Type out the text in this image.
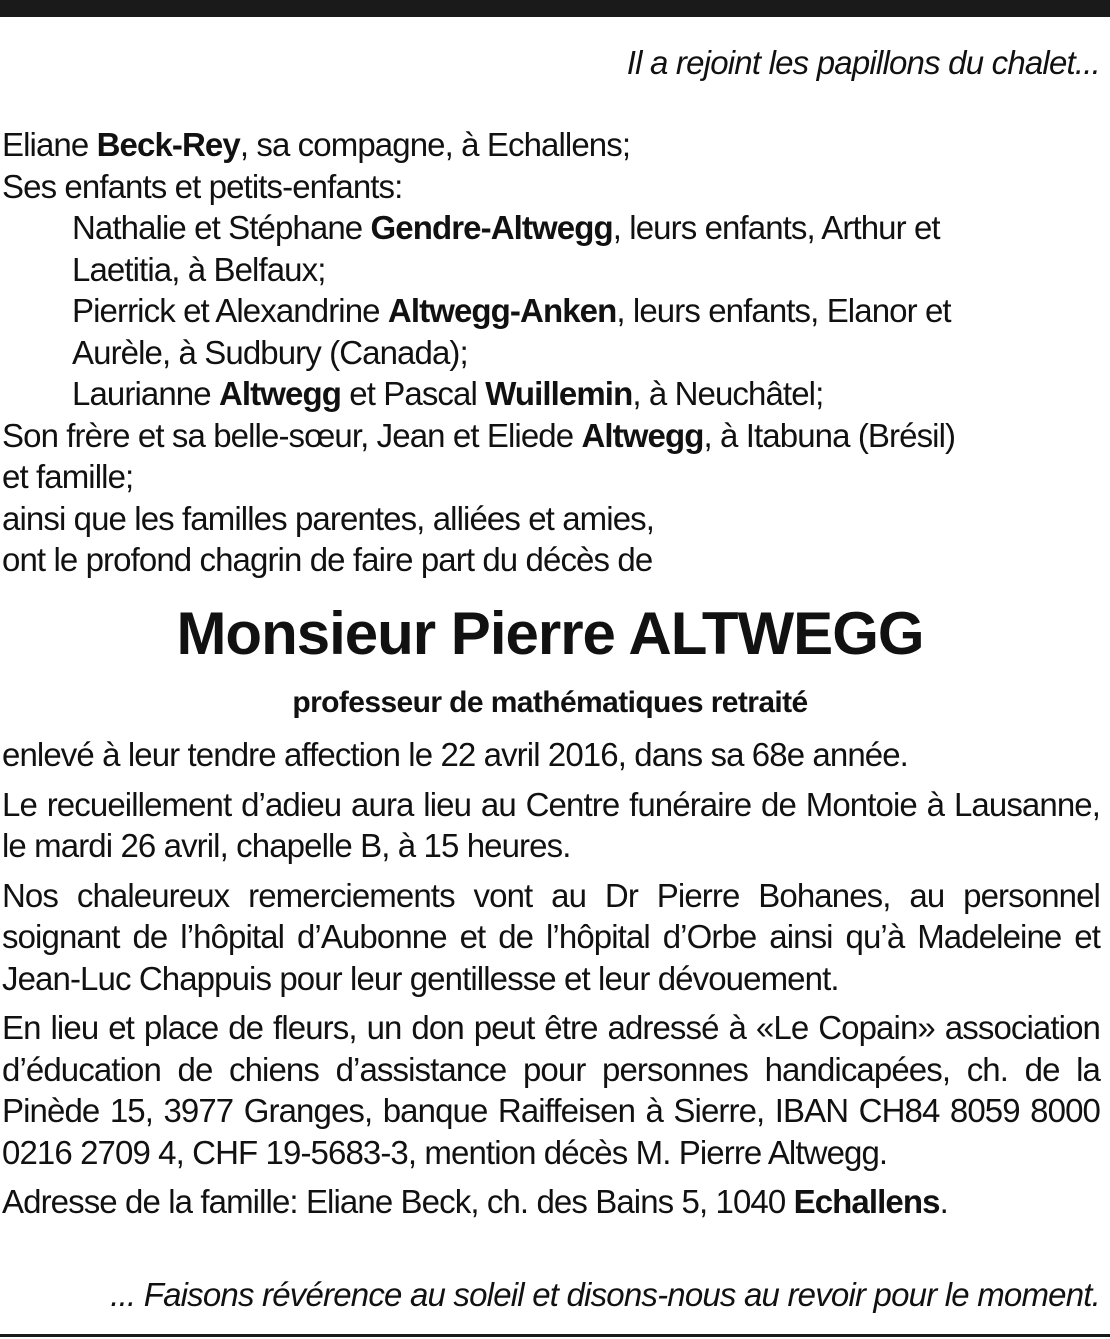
Il a rejoint les papillons du chalet...
Eliane Beck-Rey, sa compagne, à Echallens;
Ses enfants et petits-enfants:
Nathalie et Stéphane Gendre-Altwegg, leurs enfants, Arthur et
Laetitia, à Belfaux;
Pierrick et Alexandrine Altwegg-Anken, leurs enfants, Elanor et
Aurèle, à Sudbury (Canada);
Laurianne Altwegg et Pascal Wuillemin, à Neuchâtel;
Son frère et sa belle-sœur, Jean et Eliede Altwegg, à Itabuna (Brésil)
et famille;
ainsi que les familles parentes, alliées et amies,
ont le profond chagrin de faire part du décès de
Monsieur Pierre ALTWEGG
professeur de mathématiques retraité

enlevé à leur tendre affection le 22 avril 2016, dans sa 68e année.

Le recueillement d’adieu aura lieu au Centre funéraire de Montoie à Lausanne, le mardi 26 avril, chapelle B, à 15 heures.

Nos chaleureux remerciements vont au Dr Pierre Bohanes, au personnel soignant de l’hôpital d’Aubonne et de l’hôpital d’Orbe ainsi qu’à Madeleine et Jean-Luc Chappuis pour leur gentillesse et leur dévouement.

En lieu et place de fleurs, un don peut être adressé à «Le Copain» association d’éducation de chiens d’assistance pour personnes handicapées, ch. de la Pinède 15, 3977 Granges, banque Raiffeisen à Sierre, IBAN CH84 8059 8000 0216 2709 4, CHF 19-5683-3, mention décès M. Pierre Altwegg.

Adresse de la famille: Eliane Beck, ch. des Bains 5, 1040 Echallens.

... Faisons révérence au soleil et disons-nous au revoir pour le moment.
